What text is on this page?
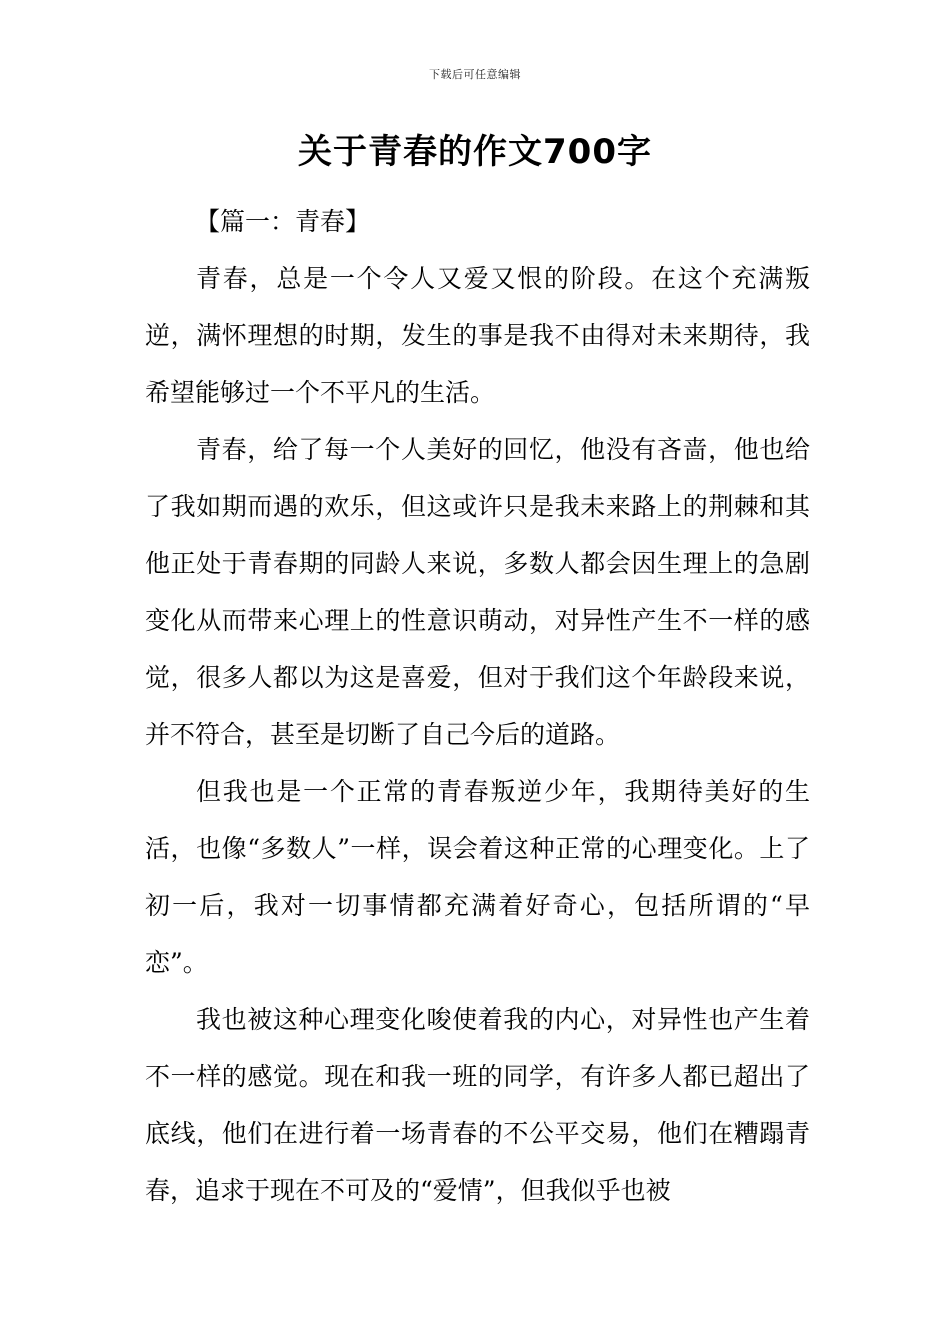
下载后可任意编辑
关于青春的作文700字
【篇一：青春】

青春，总是一个令人又爱又恨的阶段。在这个充满叛逆，满怀理想的时期，发生的事是我不由得对未来期待，我希望能够过一个不平凡的生活。

青春，给了每一个人美好的回忆，他没有吝啬，他也给了我如期而遇的欢乐，但这或许只是我未来路上的荆棘和其他正处于青春期的同龄人来说，多数人都会因生理上的急剧变化从而带来心理上的性意识萌动，对异性产生不一样的感觉，很多人都以为这是喜爱，但对于我们这个年龄段来说，并不符合，甚至是切断了自己今后的道路。

但我也是一个正常的青春叛逆少年，我期待美好的生活，也像“多数人”一样，误会着这种正常的心理变化。上了初一后，我对一切事情都充满着好奇心，包括所谓的“早恋”。

我也被这种心理变化唆使着我的内心，对异性也产生着不一样的感觉。现在和我一班的同学，有许多人都已超出了底线，他们在进行着一场青春的不公平交易，他们在糟蹋青春，追求于现在不可及的“爱情”，但我似乎也被
